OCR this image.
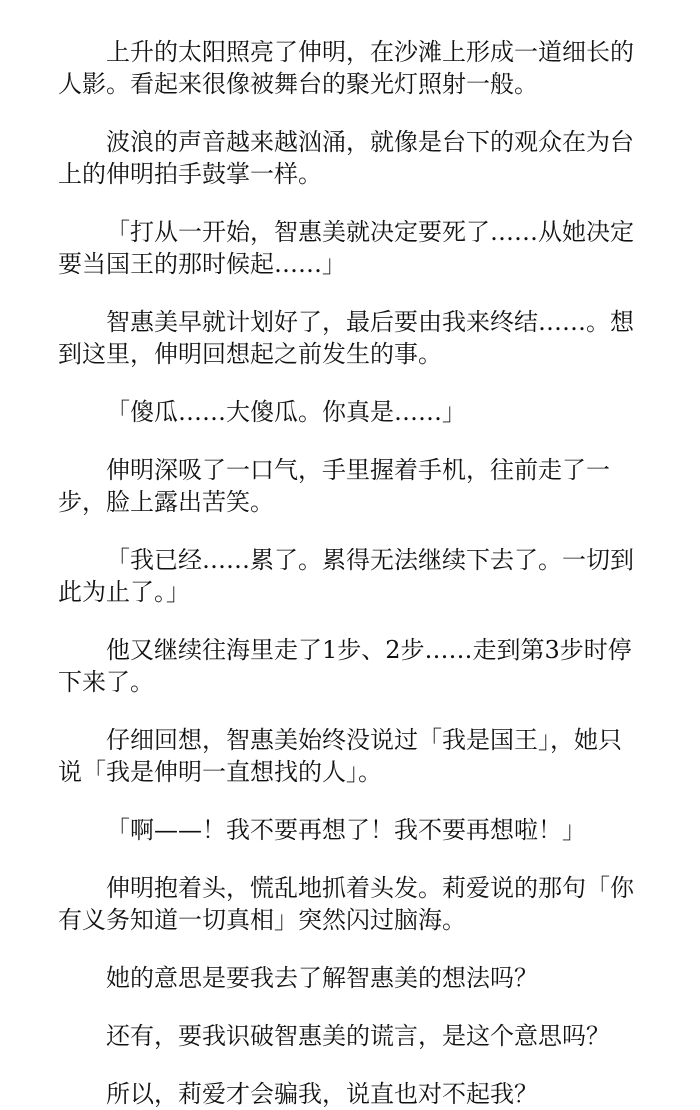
上升的太阳照亮了伸明，在沙滩上形成一道细长的人影。看起来很像被舞台的聚光灯照射一般。

波浪的声音越来越汹涌，就像是台下的观众在为台上的伸明拍手鼓掌一样。

「打从一开始，智惠美就决定要死了……从她决定要当国王的那时候起……」

智惠美早就计划好了，最后要由我来终结……。想到这里，伸明回想起之前发生的事。

「傻瓜……大傻瓜。你真是……」

伸明深吸了一口气，手里握着手机，往前走了一步，脸上露出苦笑。

「我已经……累了。累得无法继续下去了。一切到此为止了。」

他又继续往海里走了1步、2步……走到第3步时停下来了。

仔细回想，智惠美始终没说过「我是国王」，她只说「我是伸明一直想找的人」。

「啊——！我不要再想了！我不要再想啦！」

伸明抱着头，慌乱地抓着头发。莉爱说的那句「你有义务知道一切真相」突然闪过脑海。

她的意思是要我去了解智惠美的想法吗？

还有，要我识破智惠美的谎言，是这个意思吗？

所以，莉爱才会骗我，说直也对不起我？
